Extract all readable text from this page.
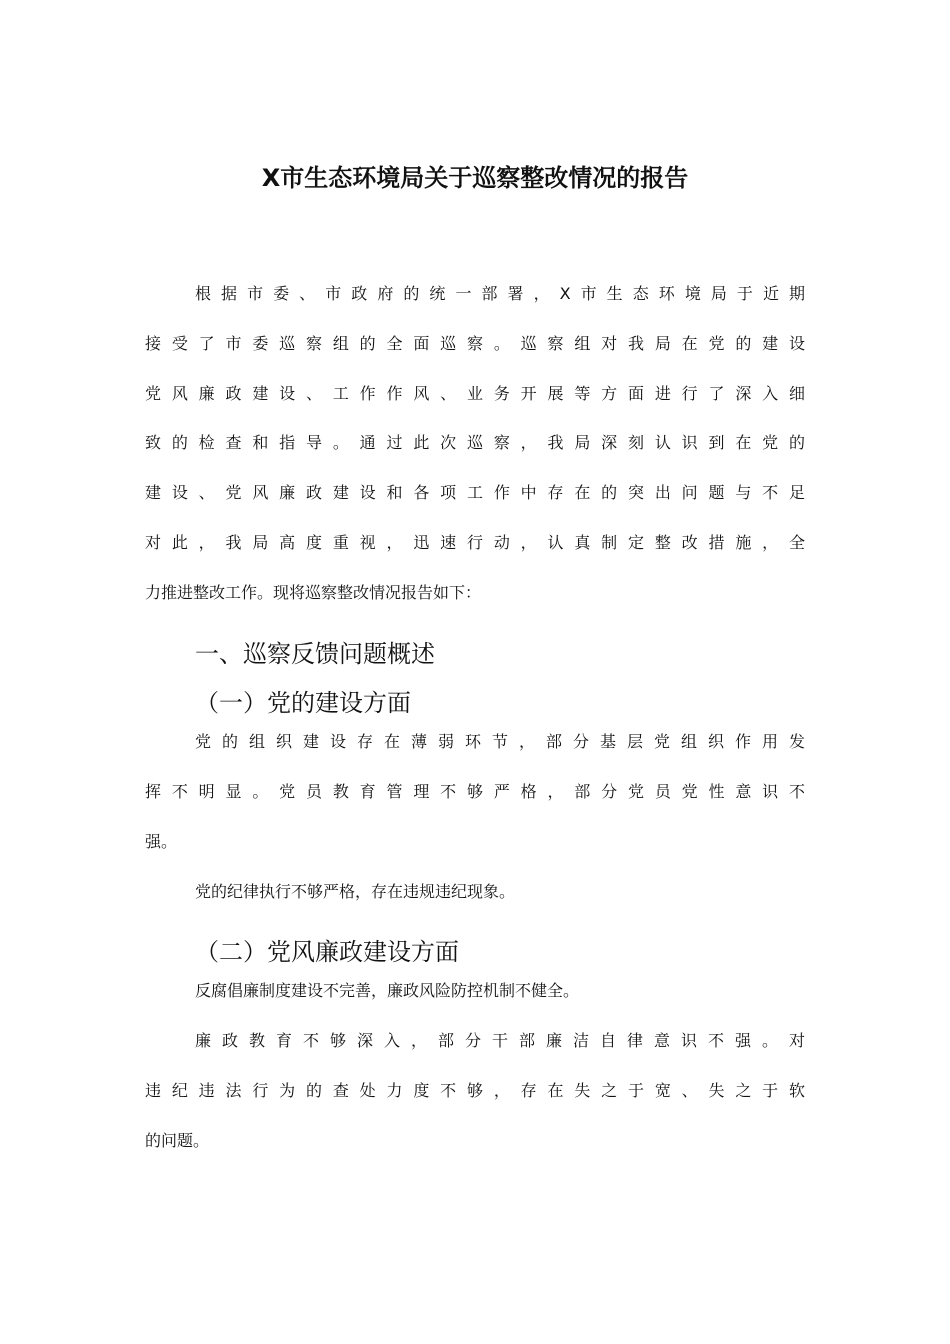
X市生态环境局关于巡察整改情况的报告
根据市委、市政府的统一部署，X市生态环境局于近期
接受了市委巡察组的全面巡察。巡察组对我局在党的建设
党风廉政建设、工作作风、业务开展等方面进行了深入细
致的检查和指导。通过此次巡察，我局深刻认识到在党的
建设、党风廉政建设和各项工作中存在的突出问题与不足
对此，我局高度重视，迅速行动，认真制定整改措施，全
力推进整改工作。现将巡察整改情况报告如下：
一、巡察反馈问题概述
（一）党的建设方面
党的组织建设存在薄弱环节，部分基层党组织作用发
挥不明显。党员教育管理不够严格，部分党员党性意识不
强。
党的纪律执行不够严格，存在违规违纪现象。
（二）党风廉政建设方面
反腐倡廉制度建设不完善，廉政风险防控机制不健全。
廉政教育不够深入，部分干部廉洁自律意识不强。对
违纪违法行为的查处力度不够，存在失之于宽、失之于软
的问题。
